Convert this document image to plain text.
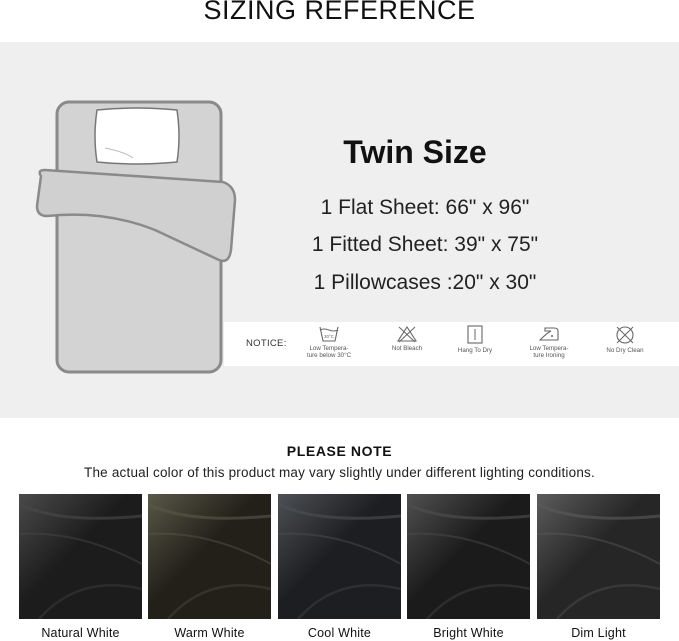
SIZING REFERENCE
Twin Size
1 Flat Sheet: 66" x 96"
1 Fitted Sheet: 39" x 75"
1 Pillowcases :20" x 30"
NOTICE:
30°C
Low Tempera-
ture below 30°C
Not Bleach	Hang To Dry	Low Tempera-
ture Ironing
No Dry Clean
PLEASE NOTE
The actual color of this product may vary slightly under different lighting conditions.
Natural White	Warm White	Cool White	Bright White	Dim Light
